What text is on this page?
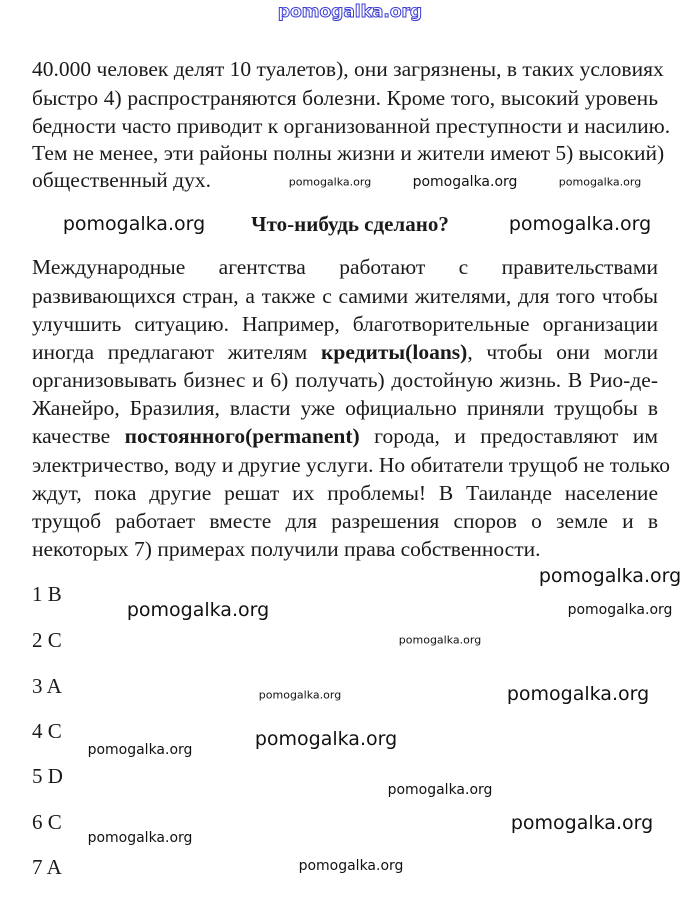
pomogalka.org
40.000 человек делят 10 туалетов), они загрязнены, в таких условиях
быстро 4) распространяются болезни. Кроме того, высокий уровень
бедности часто приводит к организованной преступности и насилию.
Тем не менее, эти районы полны жизни и жители имеют 5) высокий)
общественный дух.
Что-нибудь сделано?
Международные агентства работают с правительствами
развивающихся стран, а также с самими жителями, для того чтобы
улучшить ситуацию. Например, благотворительные организации
иногда предлагают жителям кредиты(loans), чтобы они могли
организовывать бизнес и 6) получать) достойную жизнь. В Рио-де-
Жанейро, Бразилия, власти уже официально приняли трущобы в
качестве постоянного(permanent) города, и предоставляют им
электричество, воду и другие услуги. Но обитатели трущоб не только
ждут, пока другие решат их проблемы! В Таиланде население
трущоб работает вместе для разрешения споров о земле и в
некоторых 7) примерах получили права собственности.
1 B
2 C
3 A
4 C
5 D
6 C
7 A
pomogalka.org	pomogalka.org
pomogalka.org
pomogalka.org
pomogalka.org	pomogalka.org
pomogalka.org
pomogalka.org
pomogalka.org
pomogalka.org
pomogalka.org
pomogalka.org
pomogalka.org
pomogalka.org
pomogalka.org
pomogalka.org
pomogalka.org
